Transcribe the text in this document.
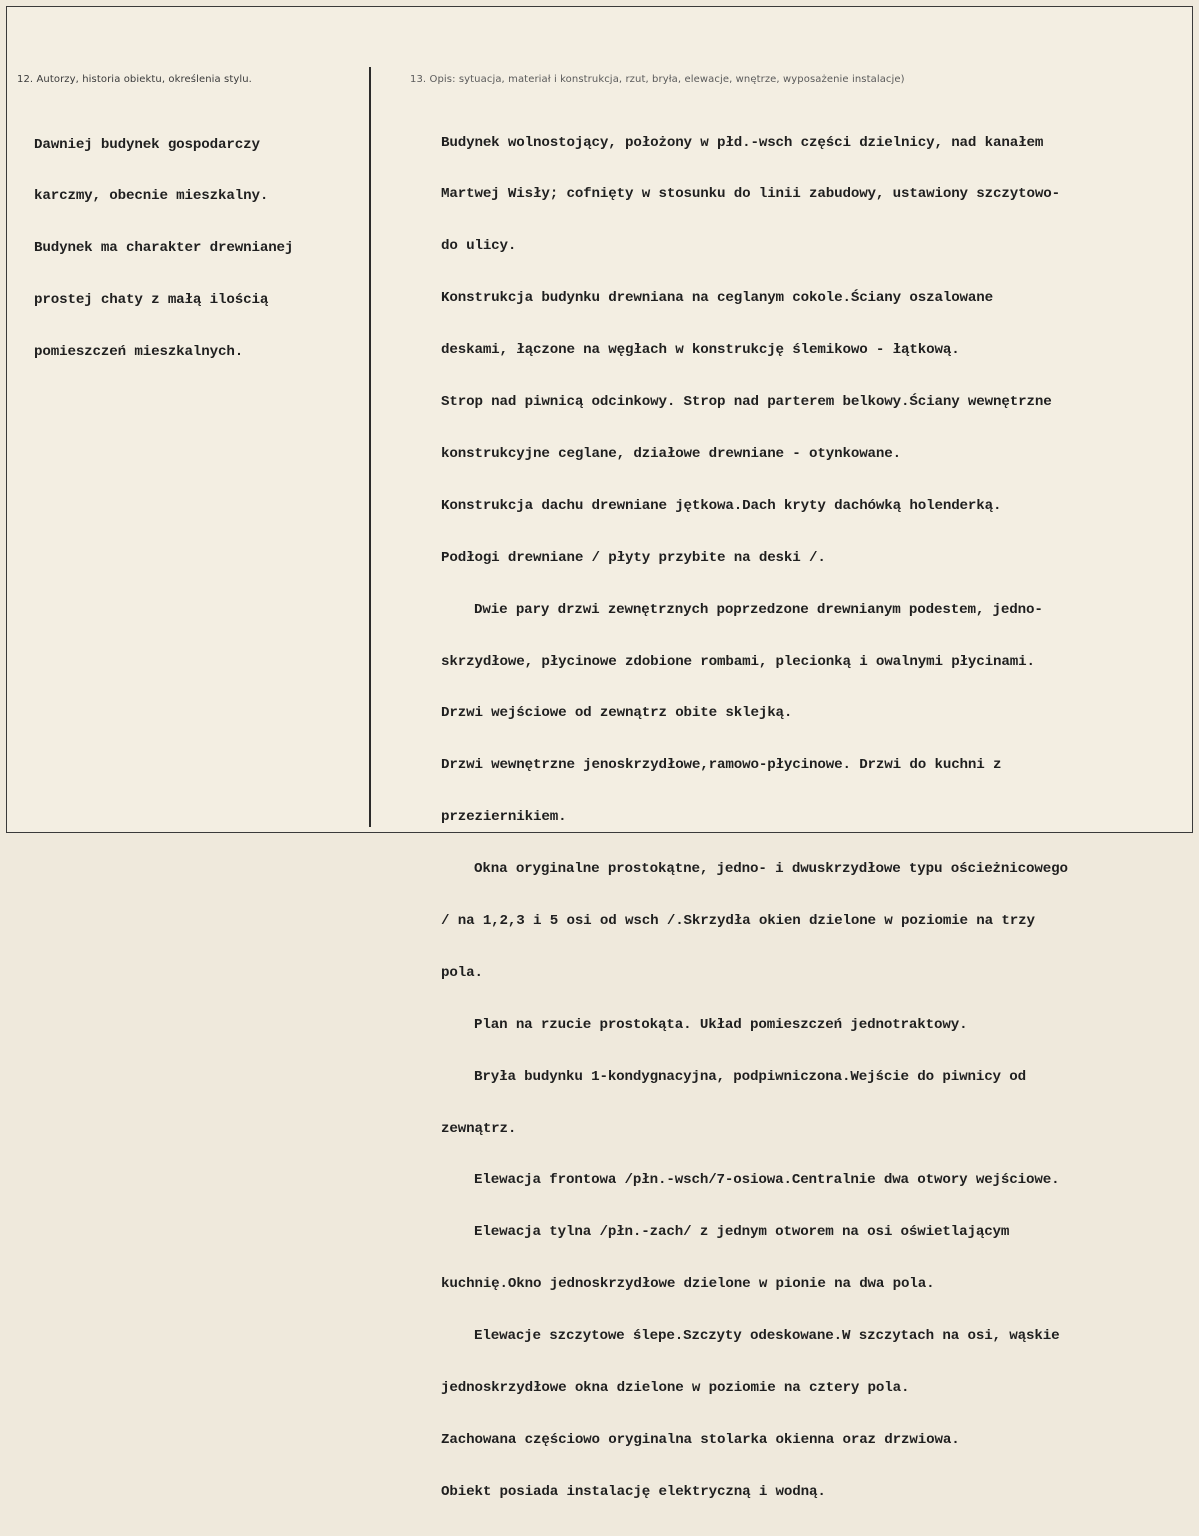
12. Autorzy, historia obiektu, określenia stylu.	13. Opis: sytuacja, materiał i konstrukcja, rzut, bryła, elewacje, wnętrze, wyposażenie instalacje)

Dawniej budynek gospodarczy

karczmy, obecnie mieszkalny.

Budynek ma charakter drewnianej

prostej chaty z małą ilością

pomieszczeń mieszkalnych.

Budynek wolnostojący, położony w płd.-wsch części dzielnicy, nad kanałem

Martwej Wisły; cofnięty w stosunku do linii zabudowy, ustawiony szczytowo-

do ulicy.

Konstrukcja budynku drewniana na ceglanym cokole.Ściany oszalowane

deskami, łączone na węgłach w konstrukcję ślemikowo - łątkową.

Strop nad piwnicą odcinkowy. Strop nad parterem belkowy.Ściany wewnętrzne

konstrukcyjne ceglane, działowe drewniane - otynkowane.

Konstrukcja dachu drewniane jętkowa.Dach kryty dachówką holenderką.

Podłogi drewniane / płyty przybite na deski /.

Dwie pary drzwi zewnętrznych poprzedzone drewnianym podestem, jedno-

skrzydłowe, płycinowe zdobione rombami, plecionką i owalnymi płycinami.

Drzwi wejściowe od zewnątrz obite sklejką.

Drzwi wewnętrzne jenoskrzydłowe,ramowo-płycinowe. Drzwi do kuchni z

przeziernikiem.

Okna oryginalne prostokątne, jedno- i dwuskrzydłowe typu ościeżnicowego

/ na 1,2,3 i 5 osi od wsch /.Skrzydła okien dzielone w poziomie na trzy

pola.

Plan na rzucie prostokąta. Układ pomieszczeń jednotraktowy.

Bryła budynku 1-kondygnacyjna, podpiwniczona.Wejście do piwnicy od

zewnątrz.

Elewacja frontowa /płn.-wsch/7-osiowa.Centralnie dwa otwory wejściowe.

Elewacja tylna /płn.-zach/ z jednym otworem na osi oświetlającym

kuchnię.Okno jednoskrzydłowe dzielone w pionie na dwa pola.

Elewacje szczytowe ślepe.Szczyty odeskowane.W szczytach na osi, wąskie

jednoskrzydłowe okna dzielone w poziomie na cztery pola.

Zachowana częściowo oryginalna stolarka okienna oraz drzwiowa.

Obiekt posiada instalację elektryczną i wodną.
